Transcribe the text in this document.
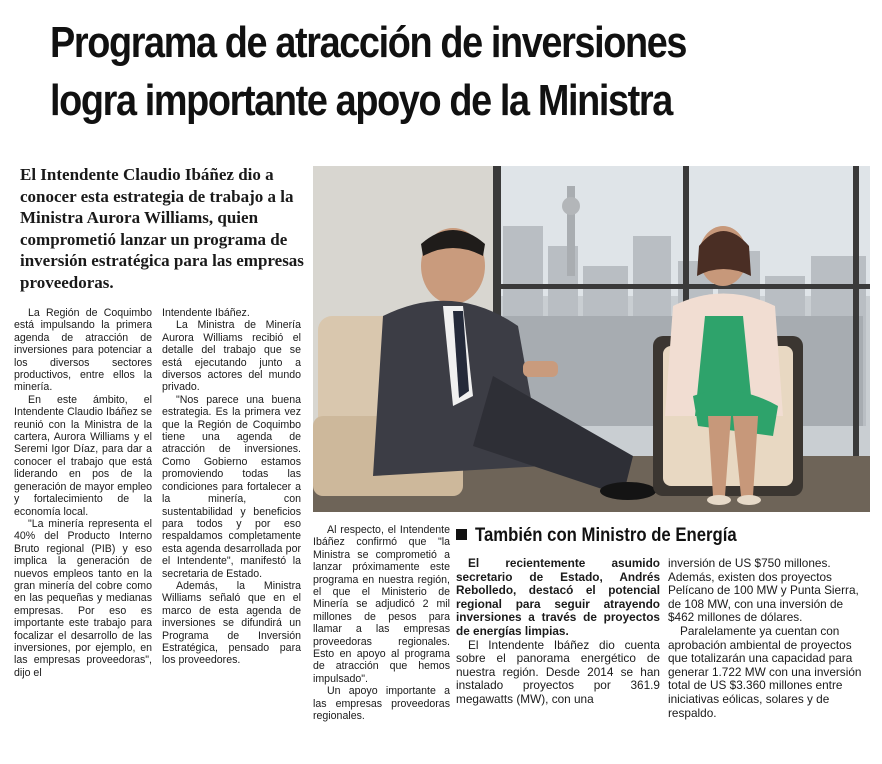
Programa de atracción de inversiones
logra importante apoyo de la Ministra
El Intendente Claudio Ibáñez dio a conocer esta estrategia de trabajo a la Ministra Aurora Williams, quien comprometió lanzar un programa de inversión estratégica para las empresas proveedoras.

La Región de Coquimbo está impulsando la primera agenda de atracción de inversiones para potenciar a los diversos sectores productivos, entre ellos la minería.

En este ámbito, el Intendente Claudio Ibáñez se reunió con la Ministra de la cartera, Aurora Williams y el Seremi Igor Díaz, para dar a conocer el trabajo que está liderando en pos de la generación de mayor empleo y fortalecimiento de la economía local.

"La minería representa el 40% del Producto Interno Bruto regional (PIB) y eso implica la generación de nuevos empleos tanto en la gran minería del cobre como en las pequeñas y medianas empresas. Por eso es importante este trabajo para focalizar el desarrollo de las inversiones, por ejemplo, en las empresas proveedoras", dijo el

Intendente Ibáñez.

La Ministra de Minería Aurora Williams recibió el detalle del trabajo que se está ejecutando junto a diversos actores del mundo privado.

"Nos parece una buena estrategia. Es la primera vez que la Región de Coquimbo tiene una agenda de atracción de inversiones. Como Gobierno estamos promoviendo todas las condiciones para fortalecer a la minería, con sustentabilidad y beneficios para todos y por eso respaldamos completamente esta agenda desarrollada por el Intendente", manifestó la secretaria de Estado.

Además, la Ministra Williams señaló que en el marco de esta agenda de inversiones se difundirá un Programa de Inversión Estratégica, pensado para los proveedores.

Al respecto, el Intendente Ibáñez confirmó que "la Ministra se comprometió a lanzar próximamente este programa en nuestra región, el que el Ministerio de Minería se adjudicó 2 mil millones de pesos para llamar a las empresas proveedoras regionales. Esto en apoyo al programa de atracción que hemos impulsado".

Un apoyo importante a las empresas proveedoras regionales.

También con Ministro de Energía

El recientemente asumido secretario de Estado, Andrés Rebolledo, destacó el potencial regional para seguir atrayendo inversiones a través de proyectos de energías limpias.

El Intendente Ibáñez dio cuenta sobre el panorama energético de nuestra región. Desde 2014 se han instalado proyectos por 361.9 megawatts (MW), con una

inversión de US $750 millones. Además, existen dos proyectos Pelícano de 100 MW y Punta Sierra, de 108 MW, con una inversión de $462 millones de dólares.

Paralelamente ya cuentan con aprobación ambiental de proyectos que totalizarán una capacidad para generar 1.722 MW con una inversión total de US $3.360 millones entre iniciativas eólicas, solares y de respaldo.
